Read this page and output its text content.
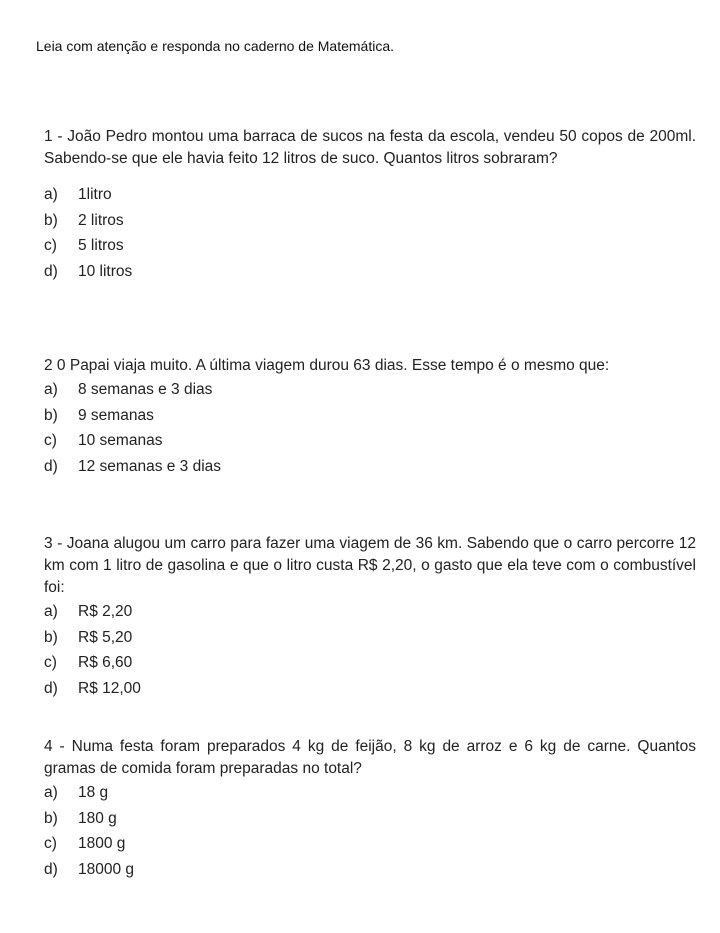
Leia com atenção e responda no caderno de Matemática.

1 - João Pedro montou uma barraca de sucos na festa da escola, vendeu 50 copos de 200ml. Sabendo-se que ele havia feito 12 litros de suco. Quantos litros sobraram?

a) 1litro
b) 2 litros
c) 5 litros
d) 10 litros

2 0 Papai viaja muito. A última viagem durou 63 dias. Esse tempo é o mesmo que:

a) 8 semanas e 3 dias
b) 9 semanas
c) 10 semanas
d) 12 semanas e 3 dias

3 - Joana alugou um carro para fazer uma viagem de 36 km. Sabendo que o carro percorre 12 km com 1 litro de gasolina e que o litro custa R$ 2,20, o gasto que ela teve com o combustível foi:

a) R$ 2,20
b) R$ 5,20
c) R$ 6,60
d) R$ 12,00

4 - Numa festa foram preparados 4 kg de feijão, 8 kg de arroz e 6 kg de carne. Quantos gramas de comida foram preparadas no total?

a) 18 g
b) 180 g
c) 1800 g
d) 18000 g
